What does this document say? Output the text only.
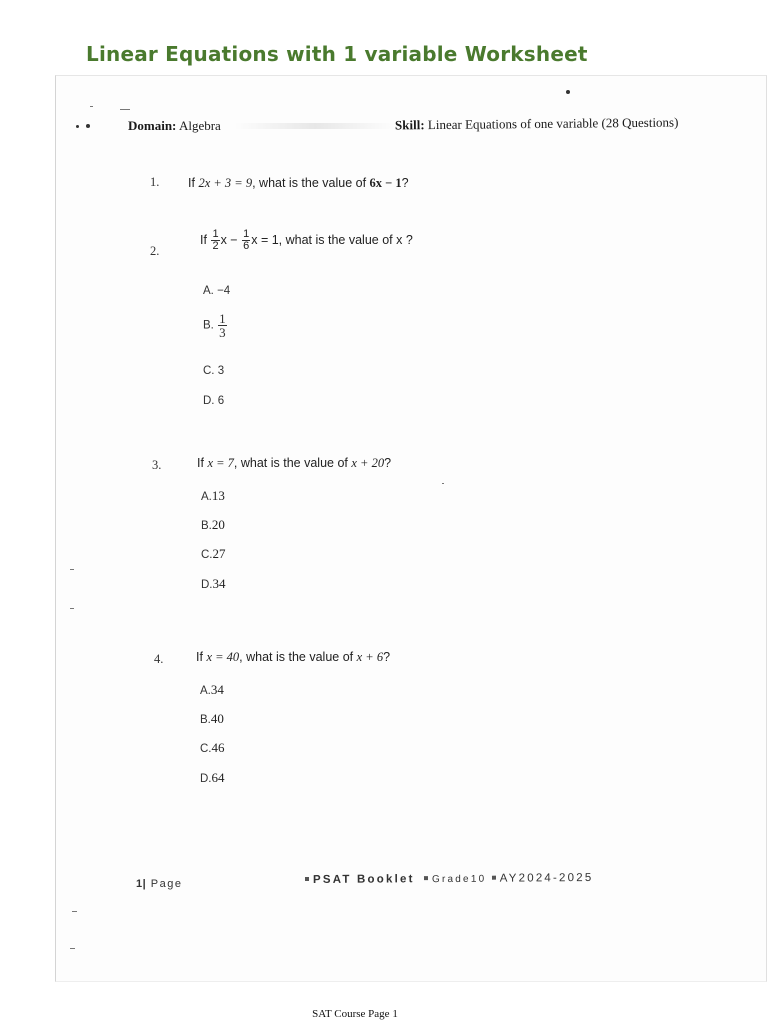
Linear Equations with 1 variable Worksheet
Domain: Algebra	Skill: Linear Equations of one variable (28 Questions)
1. If 2x + 3 = 9, what is the value of 6x − 1?
2.
If $\frac{1}{2}$ $x - \frac{1}{6}$ x = 1, what is the value of x ?
A. −4
B. $\frac{1}{3}$
C. 3
D. 6
3.	If x = 7, what is the value of x + 20?
A.13
B.20
C.27
D.34
4.	If x = 40, what is the value of x + 6?
A.34
B.40
C.46
D.64
1| Page	PSAT Booklet Grade10 AY2024-2025
SAT Course Page 1
